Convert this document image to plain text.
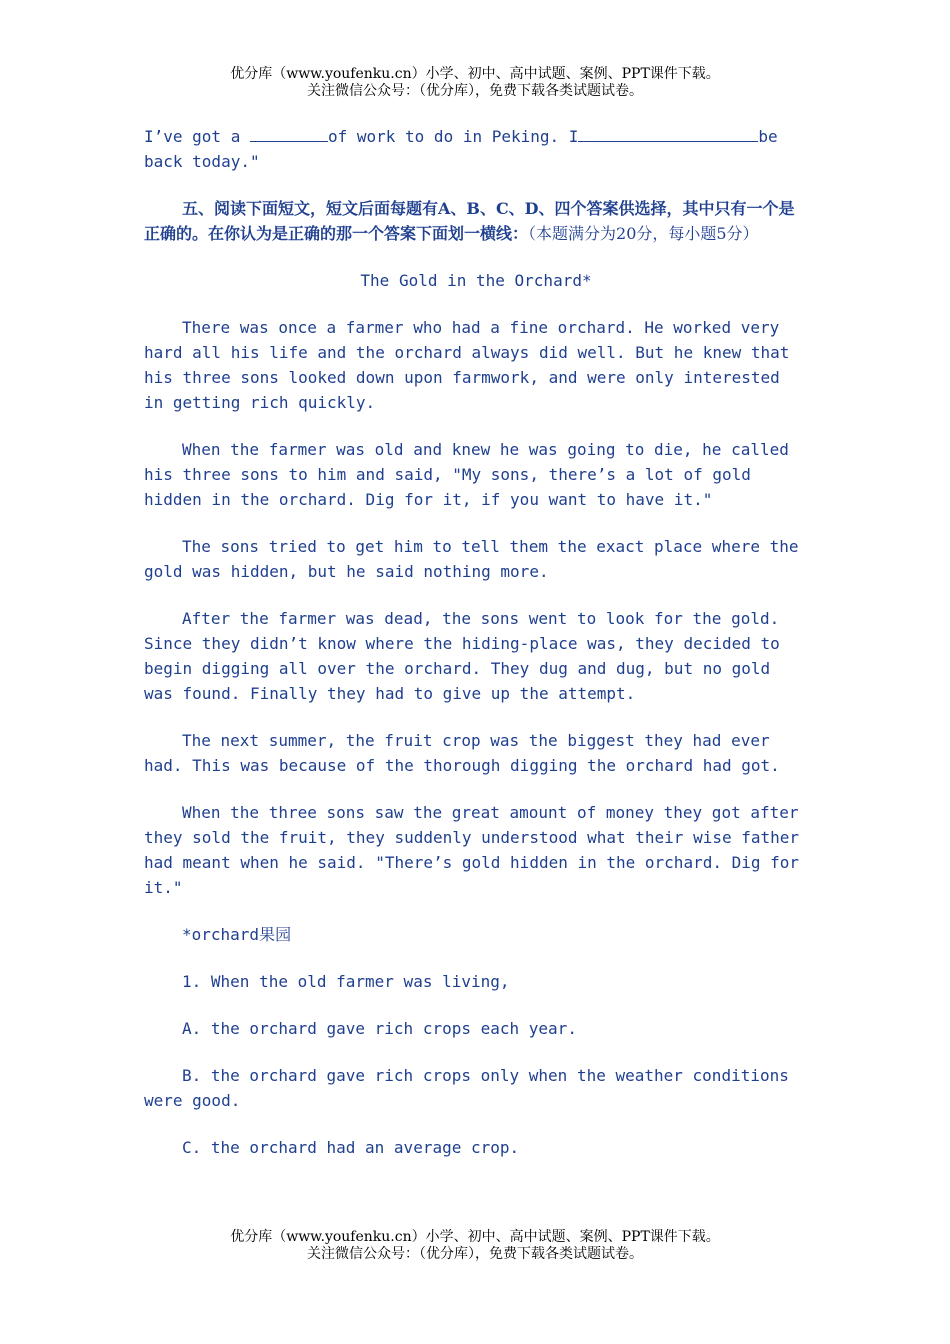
优分库（www.youfenku.cn）小学、初中、高中试题、案例、PPT课件下载。
关注微信公众号：（优分库），免费下载各类试题试卷。

I’ve got a	of work to do in Peking. I	be back today."

五、阅读下面短文，短文后面每题有A、B、C、D、四个答案供选择，其中只有一个是正确的。在你认为是正确的那一个答案下面划一横线：（本题满分为20分，每小题5分）

The Gold in the Orchard*

There was once a farmer who had a fine orchard. He worked very hard all his life and the orchard always did well. But he knew that his three sons looked down upon farmwork, and were only interested in getting rich quickly.

When the farmer was old and knew he was going to die, he called his three sons to him and said, "My sons, there’s a lot of gold hidden in the orchard. Dig for it, if you want to have it."

The sons tried to get him to tell them the exact place where the gold was hidden, but he said nothing more.

After the farmer was dead, the sons went to look for the gold. Since they didn’t know where the hiding-place was, they decided to begin digging all over the orchard. They dug and dug, but no gold was found. Finally they had to give up the attempt.

The next summer, the fruit crop was the biggest they had ever had. This was because of the thorough digging the orchard had got.

When the three sons saw the great amount of money they got after they sold the fruit, they suddenly understood what their wise father had meant when he said. "There’s gold hidden in the orchard. Dig for it."

*orchard果园

1. When the old farmer was living,

A. the orchard gave rich crops each year.

B. the orchard gave rich crops only when the weather conditions were good.

C. the orchard had an average crop.

优分库（www.youfenku.cn）小学、初中、高中试题、案例、PPT课件下载。
关注微信公众号：（优分库），免费下载各类试题试卷。
